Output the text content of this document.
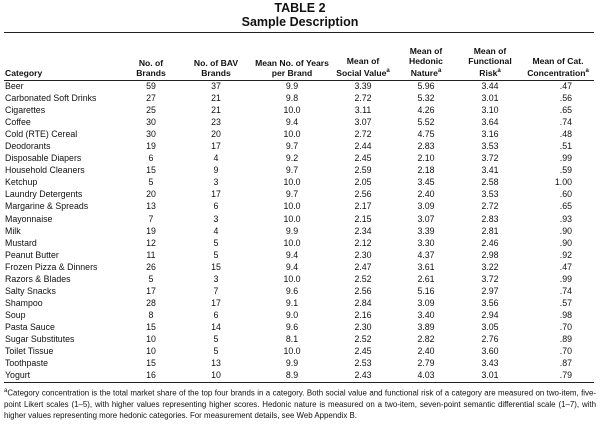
TABLE 2
Sample Description
Category	No. of Brands	No. of BAV Brands	Mean No. of Years per Brand	Mean of Social Value$^a$	Mean of Hedonic Nature$^a$	Mean of Functional Risk$^a$	Mean of Cat. Concentration$^a$
Beer	59	37	9.9	3.39	5.96	3.44	.47
Carbonated Soft Drinks	27	21	9.8	2.72	5.32	3.01	.56
Cigarettes	25	21	10.0	3.11	4.26	3.10	.65
Coffee	30	23	9.4	3.07	5.52	3.64	.74
Cold (RTE) Cereal	30	20	10.0	2.72	4.75	3.16	.48
Deodorants	19	17	9.7	2.44	2.83	3.53	.51
Disposable Diapers	6	4	9.2	2.45	2.10	3.72	.99
Household Cleaners	15	9	9.7	2.59	2.18	3.41	.59
Ketchup	5	3	10.0	2.05	3.45	2.58	1.00
Laundry Detergents	20	17	9.7	2.56	2.40	3.53	.60
Margarine & Spreads	13	6	10.0	2.17	3.09	2.72	.65
Mayonnaise	7	3	10.0	2.15	3.07	2.83	.93
Milk	19	4	9.9	2.34	3.39	2.81	.90
Mustard	12	5	10.0	2.12	3.30	2.46	.90
Peanut Butter	11	5	9.4	2.30	4.37	2.98	.92
Frozen Pizza & Dinners	26	15	9.4	2.47	3.61	3.22	.47
Razors & Blades	5	3	10.0	2.52	2.61	3.72	.99
Salty Snacks	17	7	9.6	2.56	5.16	2.97	.74
Shampoo	28	17	9.1	2.84	3.09	3.56	.57
Soup	8	6	9.0	2.16	3.40	2.94	.98
Pasta Sauce	15	14	9.6	2.30	3.89	3.05	.70
Sugar Substitutes	10	5	8.1	2.52	2.82	2.76	.89
Toilet Tissue	10	5	10.0	2.45	2.40	3.60	.70
Toothpaste	15	13	9.9	2.53	2.79	3.43	.87
Yogurt	16	10	8.9	2.43	4.03	3.01	.79
$^a$Category concentration is the total market share of the top four brands in a category. Both social value and functional risk of a category are measured on two-item, five-point Likert scales (1–5), with higher values representing higher scores. Hedonic nature is measured on a two-item, seven-point semantic differential scale (1–7), with higher values representing more hedonic categories. For measurement details, see Web Appendix B.
